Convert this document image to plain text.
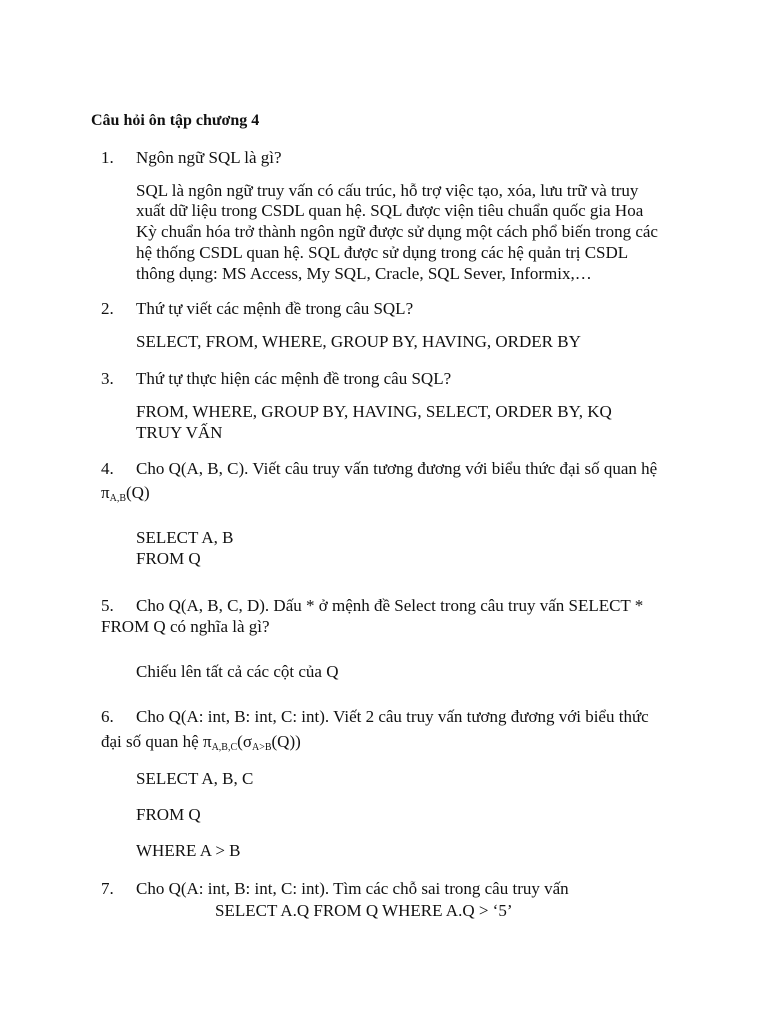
Câu hỏi ôn tập chương 4
1. Ngôn ngữ SQL là gì?
SQL là ngôn ngữ truy vấn có cấu trúc, hỗ trợ việc tạo, xóa, lưu trữ và truy
xuất dữ liệu trong CSDL quan hệ. SQL được viện tiêu chuẩn quốc gia Hoa
Kỳ chuẩn hóa trở thành ngôn ngữ được sử dụng một cách phổ biến trong các
hệ thống CSDL quan hệ. SQL được sử dụng trong các hệ quản trị CSDL
thông dụng: MS Access, My SQL, Cracle, SQL Sever, Informix,…
2. Thứ tự viết các mệnh đề trong câu SQL?
SELECT, FROM, WHERE, GROUP BY, HAVING, ORDER BY
3. Thứ tự thực hiện các mệnh đề trong câu SQL?
FROM, WHERE, GROUP BY, HAVING, SELECT, ORDER BY, KQ
TRUY VẤN
4. Cho Q(A, B, C). Viết câu truy vấn tương đương với biểu thức đại số quan hệ
$\pi_{A,B}(Q)$
SELECT A, B
FROM Q
5. Cho Q(A, B, C, D). Dấu * ở mệnh đề Select trong câu truy vấn SELECT *
FROM Q có nghĩa là gì?
Chiếu lên tất cả các cột của Q
6. Cho Q(A: int, B: int, C: int). Viết 2 câu truy vấn tương đương với biểu thức
đại số quan hệ $\pi_{A,B,C}(\sigma_{A>B}(Q))$
SELECT A, B, C
FROM Q
WHERE A > B
7. Cho Q(A: int, B: int, C: int). Tìm các chỗ sai trong câu truy vấn
SELECT A.Q FROM Q WHERE A.Q > ‘5’
